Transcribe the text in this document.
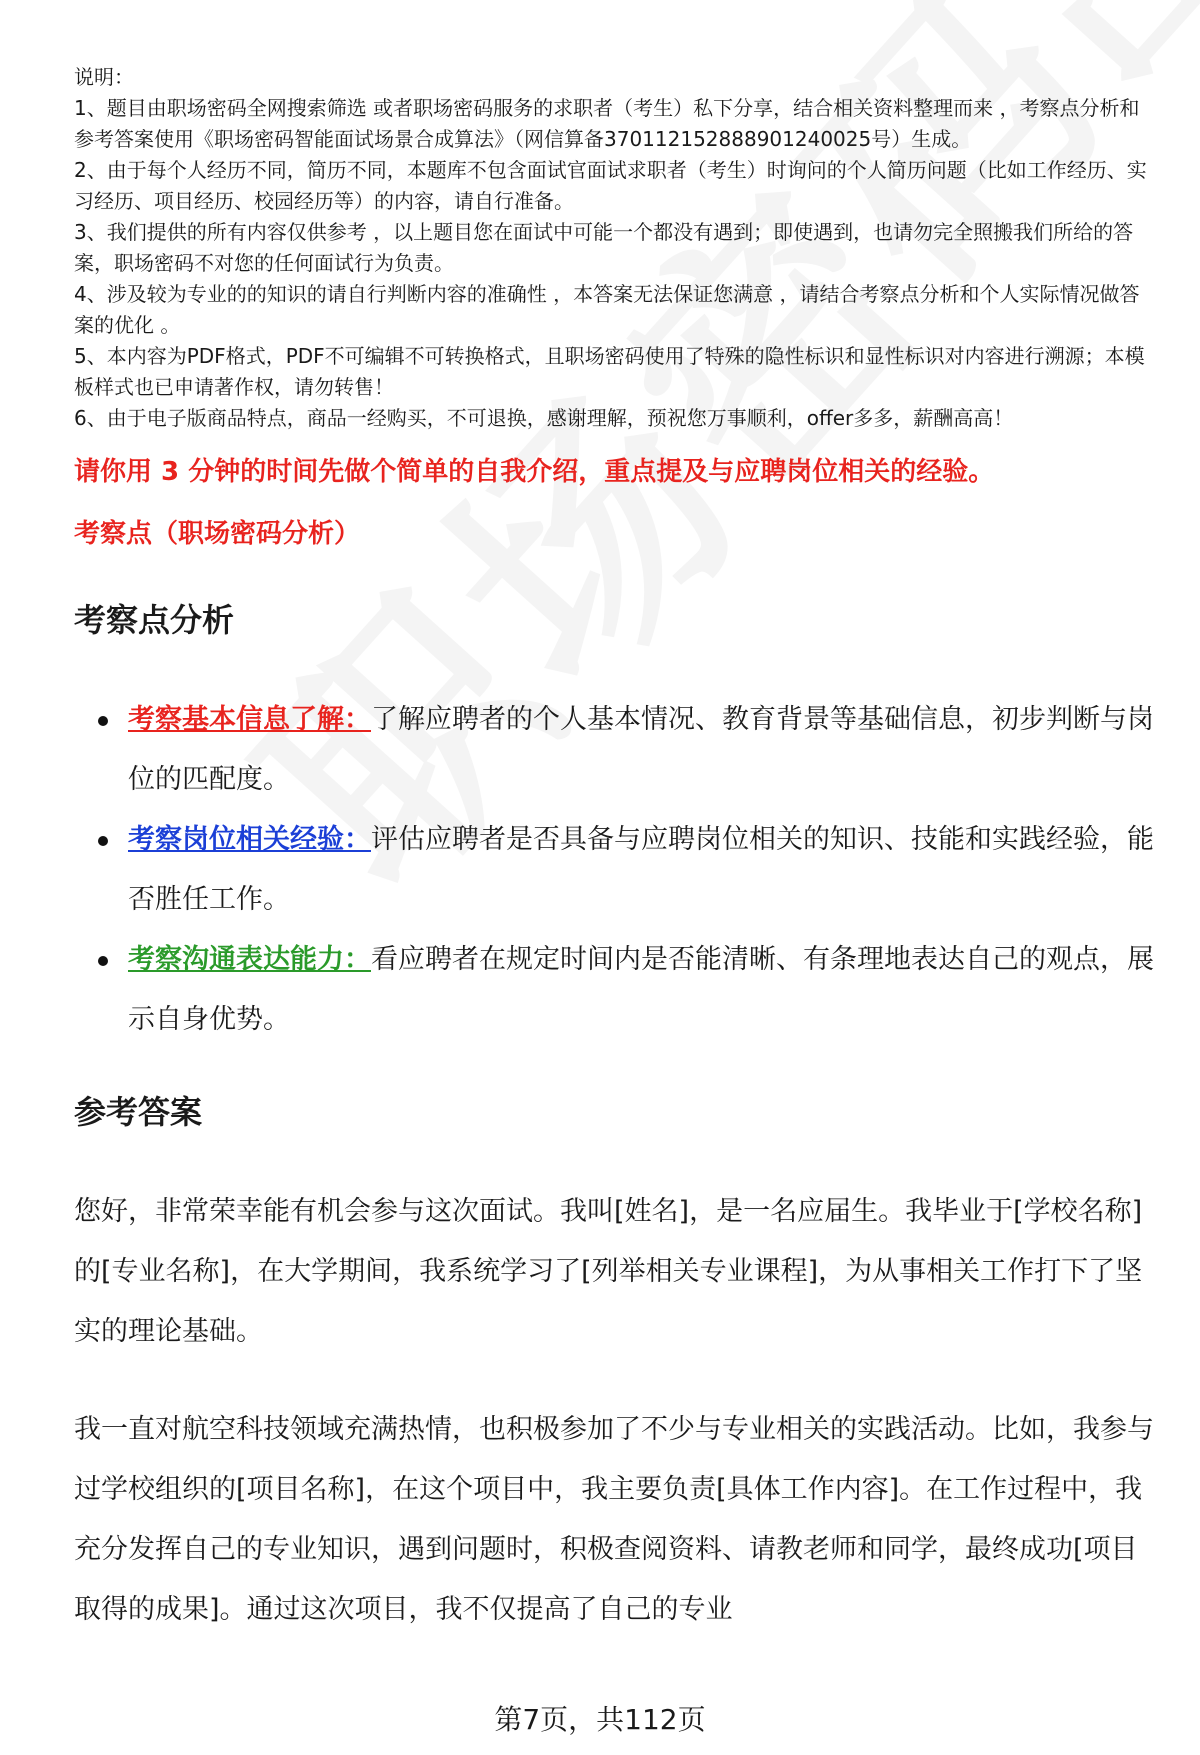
说明：

1、题目由职场密码全网搜索筛选 或者职场密码服务的求职者（考生）私下分享，结合相关资料整理而来 ，考察点分析和参考答案使用《职场密码智能面试场景合成算法》（网信算备370112152888901240025号）生成。

2、由于每个人经历不同，简历不同，本题库不包含面试官面试求职者（考生）时询问的个人简历问题（比如工作经历、实习经历、项目经历、校园经历等）的内容，请自行准备。

3、我们提供的所有内容仅供参考 ，以上题目您在面试中可能一个都没有遇到；即使遇到，也请勿完全照搬我们所给的答案，职场密码不对您的任何面试行为负责。

4、涉及较为专业的的知识的请自行判断内容的准确性 ，本答案无法保证您满意 ，请结合考察点分析和个人实际情况做答案的优化 。

5、本内容为PDF格式，PDF不可编辑不可转换格式，且职场密码使用了特殊的隐性标识和显性标识对内容进行溯源；本模板样式也已申请著作权，请勿转售！

6、由于电子版商品特点，商品一经购买，不可退换，感谢理解，预祝您万事顺利，offer多多，薪酬高高！

请你用 3 分钟的时间先做个简单的自我介绍，重点提及与应聘岗位相关的经验。
考察点（职场密码分析）
考察点分析
考察基本信息了解：了解应聘者的个人基本情况、教育背景等基础信息，初步判断与岗位的匹配度。
考察岗位相关经验：评估应聘者是否具备与应聘岗位相关的知识、技能和实践经验，能否胜任工作。
考察沟通表达能力：看应聘者在规定时间内是否能清晰、有条理地表达自己的观点，展示自身优势。
参考答案

您好，非常荣幸能有机会参与这次面试。我叫[姓名]，是一名应届生。我毕业于[学校名称]的[专业名称]，在大学期间，我系统学习了[列举相关专业课程]，为从事相关工作打下了坚实的理论基础。

我一直对航空科技领域充满热情，也积极参加了不少与专业相关的实践活动。比如，我参与过学校组织的[项目名称]，在这个项目中，我主要负责[具体工作内容]。在工作过程中，我充分发挥自己的专业知识，遇到问题时，积极查阅资料、请教老师和同学，最终成功[项目取得的成果]。通过这次项目，我不仅提高了自己的专业

第7页，共112页
